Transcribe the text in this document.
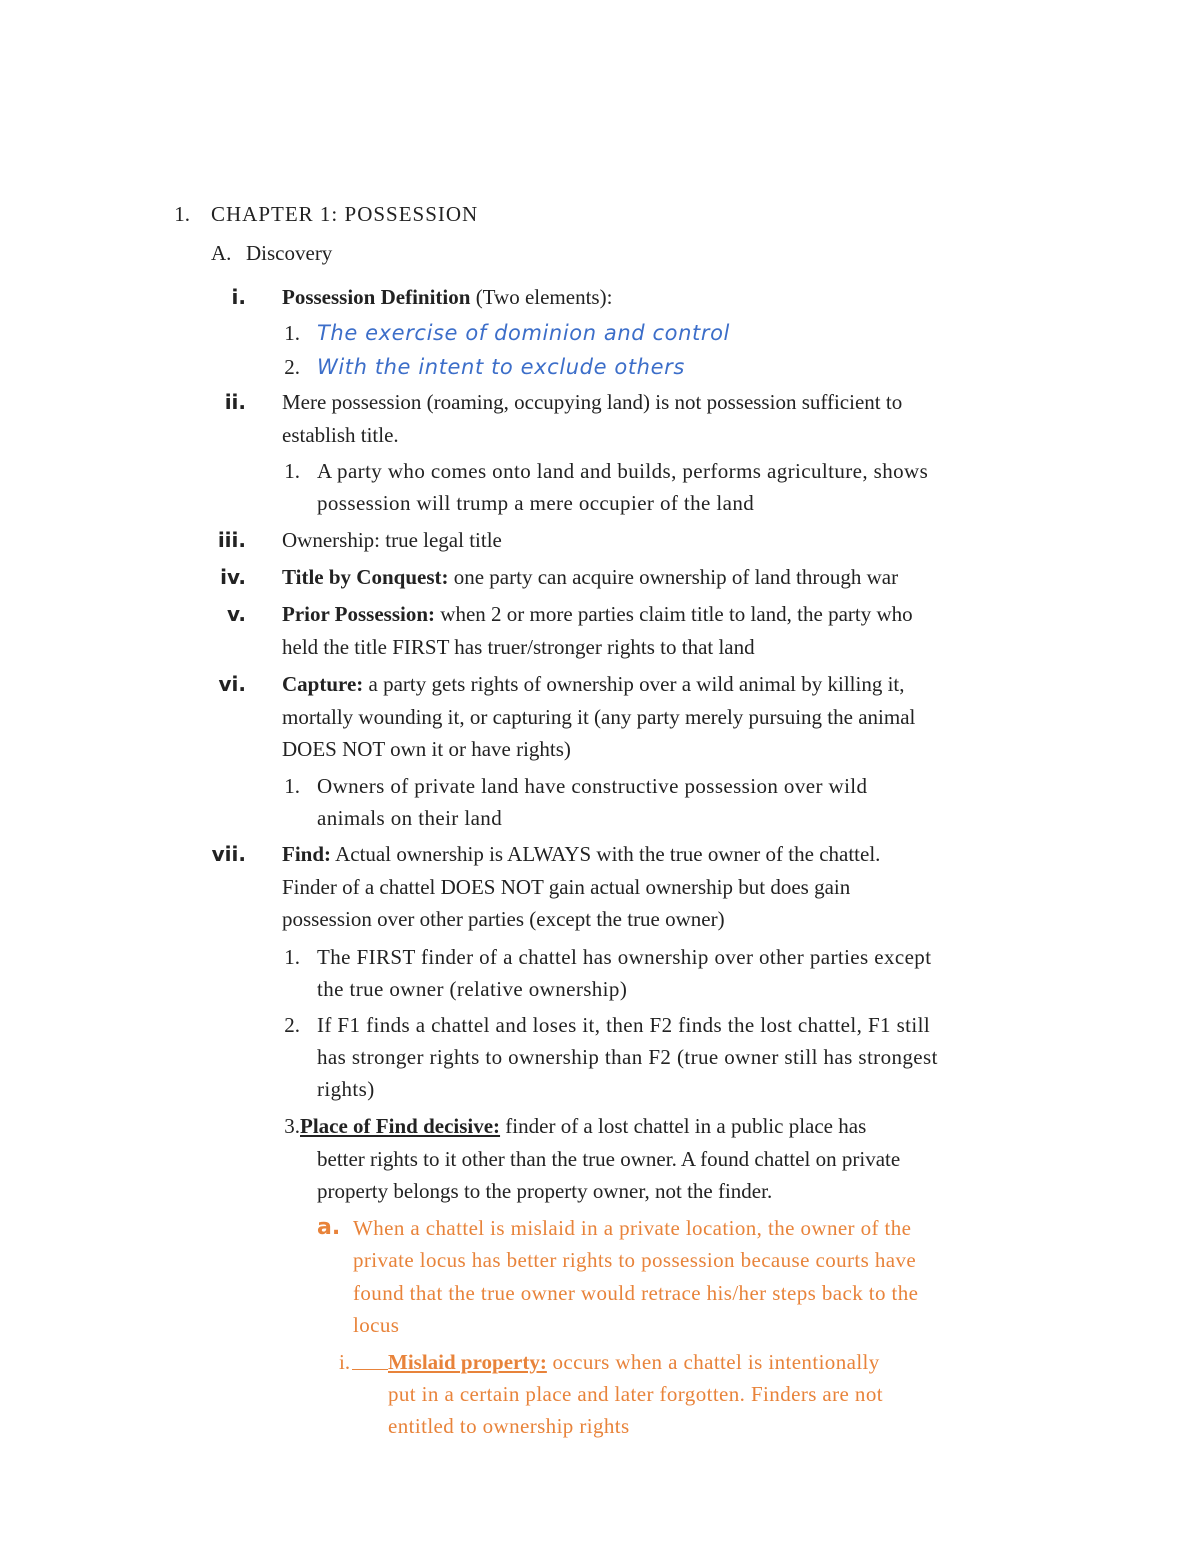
1. CHAPTER 1: POSSESSION
A. Discovery
i. Possession Definition (Two elements):
1. The exercise of dominion and control
2. With the intent to exclude others
ii. Mere possession (roaming, occupying land) is not possession sufficient to
establish title.
1. A party who comes onto land and builds, performs agriculture, shows
possession will trump a mere occupier of the land
iii. Ownership: true legal title
iv. Title by Conquest: one party can acquire ownership of land through war
v. Prior Possession: when 2 or more parties claim title to land, the party who
held the title FIRST has truer/stronger rights to that land
vi. Capture: a party gets rights of ownership over a wild animal by killing it,
mortally wounding it, or capturing it (any party merely pursuing the animal
DOES NOT own it or have rights)
1. Owners of private land have constructive possession over wild
animals on their land
vii. Find: Actual ownership is ALWAYS with the true owner of the chattel.
Finder of a chattel DOES NOT gain actual ownership but does gain
possession over other parties (except the true owner)
1. The FIRST finder of a chattel has ownership over other parties except
the true owner (relative ownership)
2. If F1 finds a chattel and loses it, then F2 finds the lost chattel, F1 still
has stronger rights to ownership than F2 (true owner still has strongest
rights)
3. Place of Find decisive: finder of a lost chattel in a public place has
better rights to it other than the true owner. A found chattel on private
property belongs to the property owner, not the finder.
a. When a chattel is mislaid in a private location, the owner of the
private locus has better rights to possession because courts have
found that the true owner would retrace his/her steps back to the
locus
i.	Mislaid property: occurs when a chattel is intentionally
put in a certain place and later forgotten. Finders are not
entitled to ownership rights
